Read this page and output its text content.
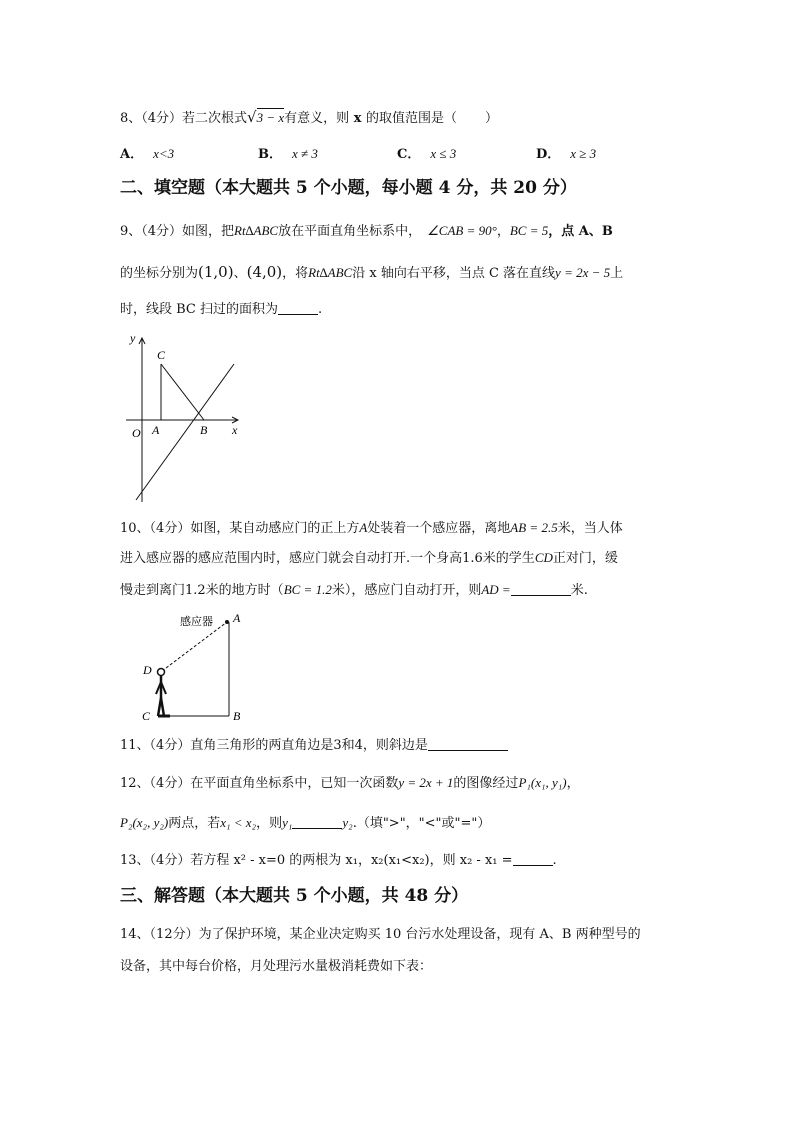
8、（4分）若二次根式√3 − x有意义，则 x 的取值范围是（ ）
A． x<3	B． x ≠ 3	C． x ≤ 3	D． x ≥ 3
二、填空题（本大题共 5 个小题，每小题 4 分，共 20 分）
9、（4分）如图，把Rt∆ABC放在平面直角坐标系中， ∠CAB = 90°，BC = 5，点 A、B
的坐标分别为(1,0)、(4,0)，将Rt∆ABC沿 x 轴向右平移，当点 C 落在直线y = 2x − 5上
时，线段 BC 扫过的面积为	.
y
x
O A	B
C
10、（4分）如图，某自动感应门的正上方A处装着一个感应器，离地AB = 2.5米，当人体
进入感应器的感应范围内时，感应门就会自动打开.一个身高1.6米的学生CD正对门，缓
慢走到离门1.2米的地方时（BC = 1.2米），感应门自动打开，则AD =	米.
感应器 A
B
C
D
11、（4分）直角三角形的两直角边是3和4，则斜边是
12、（4分）在平面直角坐标系中，已知一次函数y = 2x + 1的图像经过P₁(x₁, y₁)，
P₂(x₂, y₂)两点，若x₁ < x₂，则y₁	y₂.（填">"，"<"或"="）
13、（4分）若方程 x² - x=0 的两根为 x₁，x₂(x₁<x₂)，则 x₂ - x₁ =	.
三、解答题（本大题共 5 个小题，共 48 分）
14、（12分）为了保护环境，某企业决定购买 10 台污水处理设备，现有 A、B 两种型号的
设备，其中每台价格，月处理污水量极消耗费如下表：
